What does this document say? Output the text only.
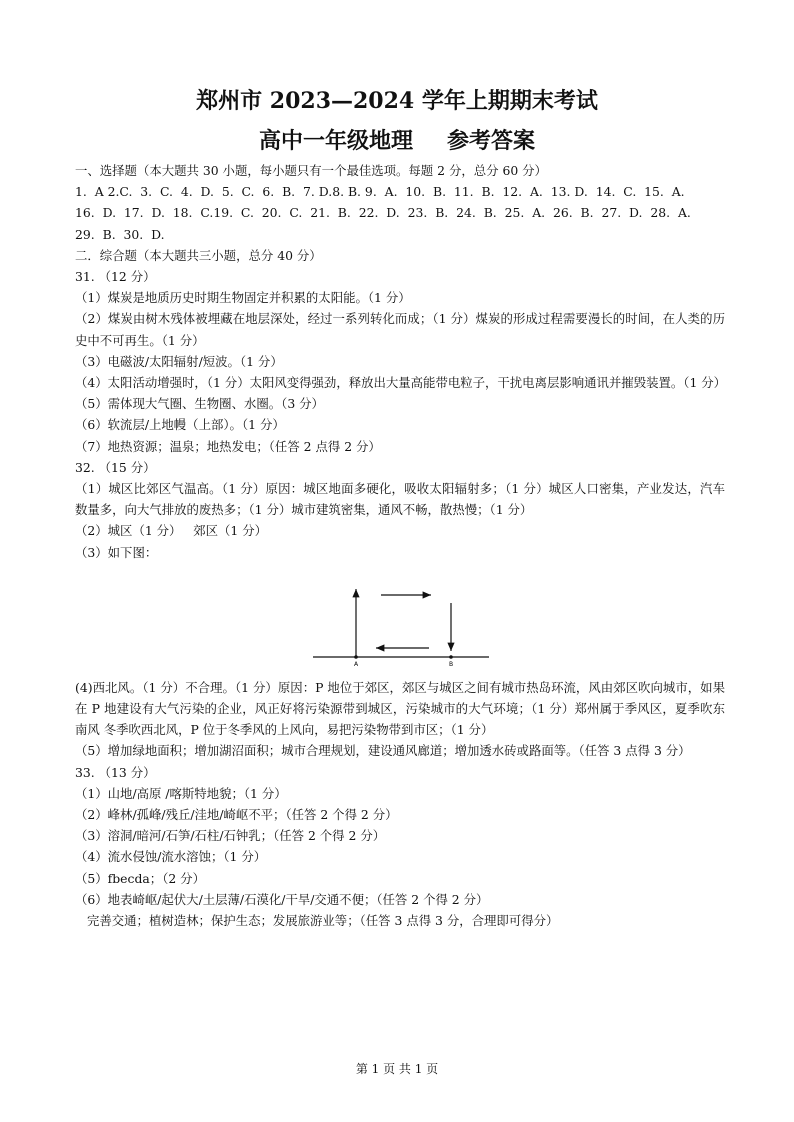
郑州市 2023—2024 学年上期期末考试
高中一年级地理 参考答案
一、选择题（本大题共 30 小题，每小题只有一个最佳选项。每题 2 分，总分 60 分）
1.  A 2.C.  3.  C.  4.  D.  5.  C.  6.  B.  7. D.8. B. 9.  A.  10.  B.  11.  B.  12.  A.  13. D.  14.  C.  15.  A.
16.  D.  17.  D.  18.  C.19.  C.  20.  C.  21.  B.  22.  D.  23.  B.  24.  B.  25.  A.  26.  B.  27.  D.  28.  A.
29.  B.  30.  D.
二．综合题（本大题共三小题，总分 40 分）
31. （12 分）
（1）煤炭是地质历史时期生物固定并积累的太阳能。（1 分）
（2）煤炭由树木残体被埋藏在地层深处，经过一系列转化而成；（1 分）煤炭的形成过程需要漫长的时间，在人类的历史中不可再生。（1 分）
（3）电磁波/太阳辐射/短波。（1 分）
（4）太阳活动增强时，（1 分）太阳风变得强劲，释放出大量高能带电粒子，干扰电离层影响通讯并摧毁装置。（1 分）
（5）需体现大气圈、生物圈、水圈。（3 分）
（6）软流层/上地幔（上部）。（1 分）
（7）地热资源；温泉；地热发电；（任答 2 点得 2 分）
32. （15 分）
（1）城区比郊区气温高。（1 分）原因：城区地面多硬化，吸收太阳辐射多；（1 分）城区人口密集，产业发达，汽车数量多，向大气排放的废热多；（1 分）城市建筑密集，通风不畅，散热慢；（1 分）
（2）城区（1 分）   郊区（1 分）
（3）如下图：
A	B
(4)西北风。（1 分）不合理。（1 分）原因：P 地位于郊区，郊区与城区之间有城市热岛环流，风由郊区吹向城市，如果在 P 地建设有大气污染的企业，风正好将污染源带到城区，污染城市的大气环境；（1 分）郑州属于季风区，夏季吹东南风 冬季吹西北风，P 位于冬季风的上风向，易把污染物带到市区；（1 分）
（5）增加绿地面积；增加湖沼面积；城市合理规划，建设通风廊道；增加透水砖或路面等。（任答 3 点得 3 分）
33. （13 分）
（1）山地/高原 /喀斯特地貌；（1 分）
（2）峰林/孤峰/残丘/洼地/崎岖不平；（任答 2 个得 2 分）
（3）溶洞/暗河/石笋/石柱/石钟乳；（任答 2 个得 2 分）
（4）流水侵蚀/流水溶蚀；（1 分）
（5）fbecda；（2 分）
（6）地表崎岖/起伏大/土层薄/石漠化/干旱/交通不便；（任答 2 个得 2 分）
完善交通；植树造林；保护生态；发展旅游业等；（任答 3 点得 3 分，合理即可得分）
第 1 页 共 1 页
